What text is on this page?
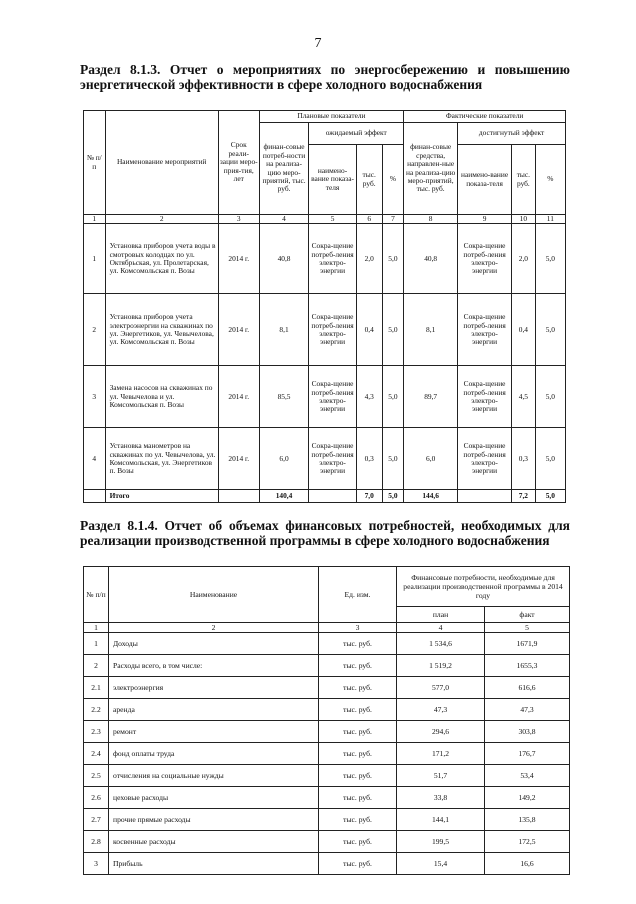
7
Раздел 8.1.3. Отчет о мероприятиях по энергосбережению и повышению энергетической эффективности в сфере холодного водоснабжения
№ п/п	Наименование мероприятий	Срок реали-зации меро-прия-тия, лет	Плановые показатели				Фактические показатели			
			финан-совые потреб-ности на реализа-цию меро-приятий, тыс. руб.	ожидаемый эффект			финан-совые средства, направлен-ные на реализа-цию меро-приятий, тыс. руб.	достигнутый эффект		
				наимено-вание показа-теля	тыс. руб.	%		наимено-вание показа-теля	тыс. руб.	%
1	2	3	4	5	6	7	8	9	10	11
1	Установка приборов учета воды в смотровых колодцах по ул. Октябрьская, ул. Пролетарская, ул. Комсомольская п. Возы	2014 г.	40,8	Сокра-щение потреб-ления электро-энергии	2,0	5,0	40,8	Сокра-щение потреб-ления электро-энергии	2,0	5,0
2	Установка приборов учета электроэнергии на скважинах по ул. Энергетиков, ул. Чевычелова, ул. Комсомольская п. Возы	2014 г.	8,1	Сокра-щение потреб-ления электро-энергии	0,4	5,0	8,1	Сокра-щение потреб-ления электро-энергии	0,4	5,0
3	Замена насосов на скважинах по ул. Чевычелова и ул. Комсомольская п. Возы	2014 г.	85,5	Сокра-щение потреб-ления электро-энергии	4,3	5,0	89,7	Сокра-щение потреб-ления электро-энергии	4,5	5,0
4	Установка манометров на скважинах по ул. Чевычелова, ул. Комсомольская, ул. Энергетиков п. Возы	2014 г.	6,0	Сокра-щение потреб-ления электро-энергии	0,3	5,0	6,0	Сокра-щение потреб-ления электро-энергии	0,3	5,0
	Итого		140,4		7,0	5,0	144,6		7,2	5,0
Раздел 8.1.4. Отчет об объемах финансовых потребностей, необходимых для реализации производственной программы в сфере холодного водоснабжения
№ п/п	Наименование	Ед. изм.	Финансовые потребности, необходимые для реализации производственной программы в 2014 году	
			план	факт
1	2	3	4	5
1	Доходы	тыс. руб.	1 534,6	1671,9
2	Расходы всего, в том числе:	тыс. руб.	1 519,2	1655,3
2.1	электроэнергия	тыс. руб.	577,0	616,6
2.2	аренда	тыс. руб.	47,3	47,3
2.3	ремонт	тыс. руб.	294,6	303,8
2.4	фонд оплаты труда	тыс. руб.	171,2	176,7
2.5	отчисления на социальные нужды	тыс. руб.	51,7	53,4
2.6	цеховые расходы	тыс. руб.	33,8	149,2
2.7	прочие прямые расходы	тыс. руб.	144,1	135,8
2.8	косвенные расходы	тыс. руб.	199,5	172,5
3	Прибыль	тыс. руб.	15,4	16,6
